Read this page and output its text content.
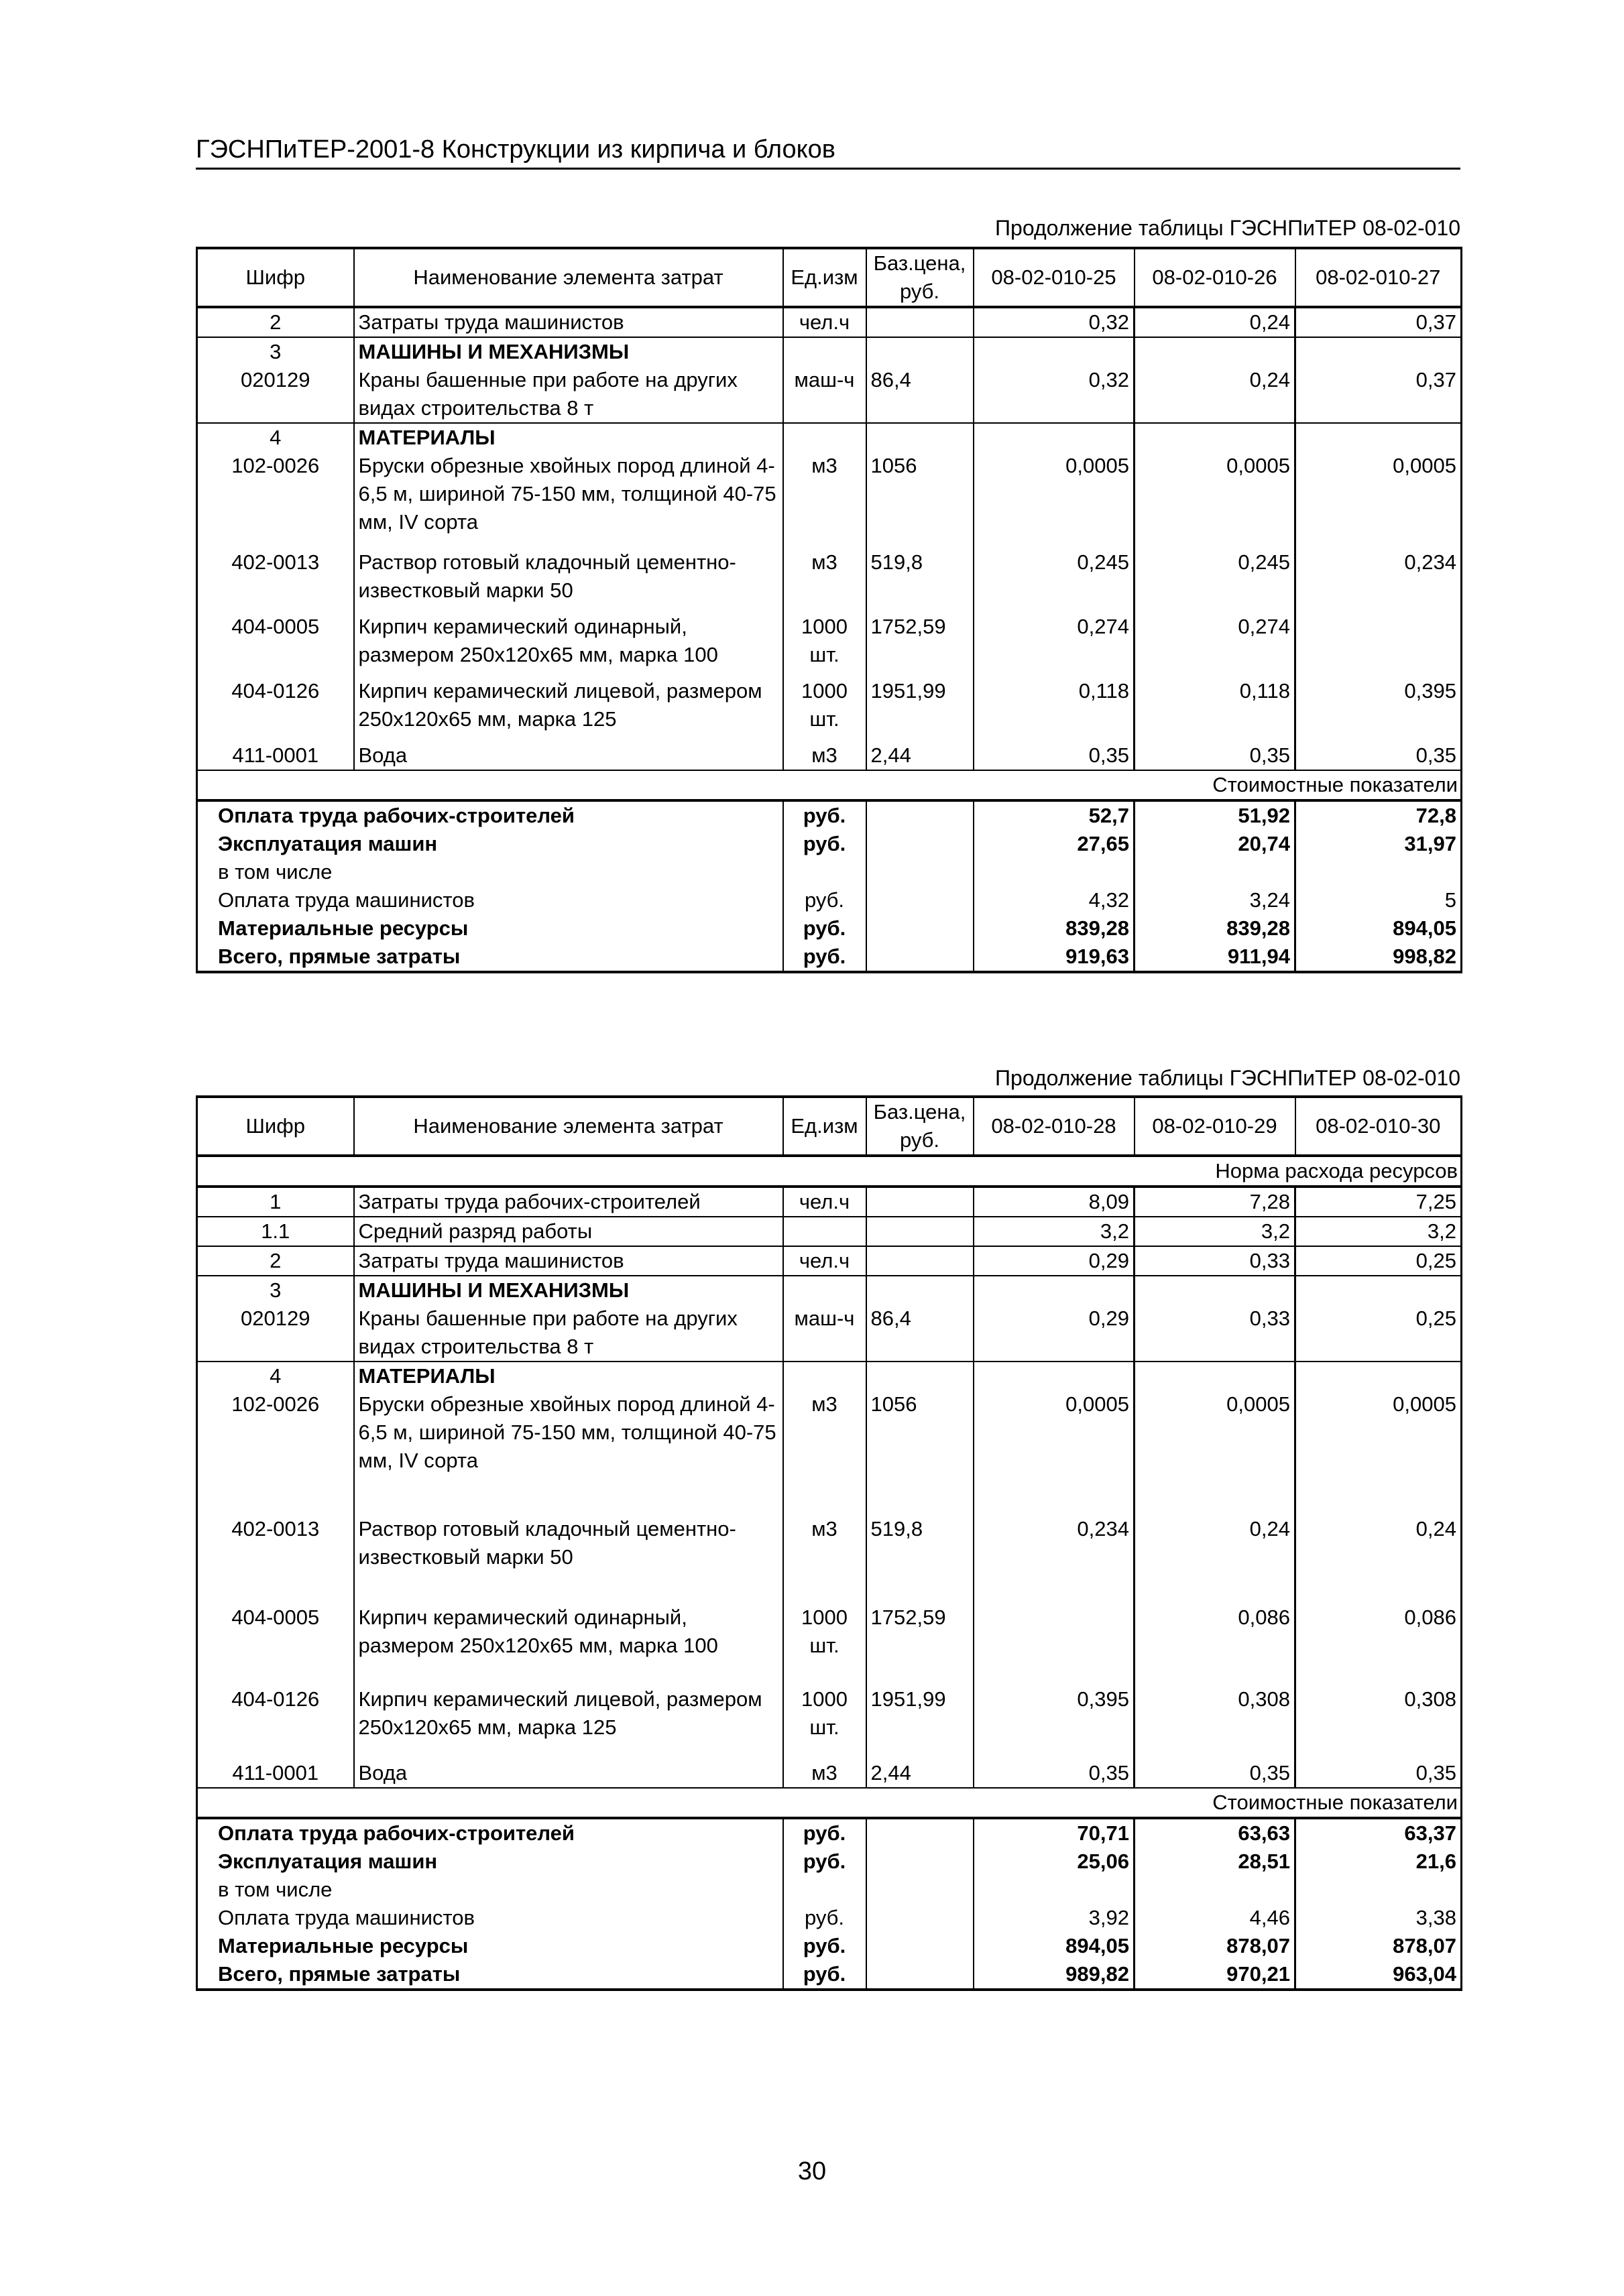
ГЭСНПиТЕР-2001-8 Конструкции из кирпича и блоков
Продолжение таблицы ГЭСНПиТЕР 08-02-010
Шифр	Наименование элемента затрат	Ед.изм	Баз.цена, руб.	08-02-010-25	08-02-010-26	08-02-010-27
2	Затраты труда машинистов	чел.ч		0,32	0,24	0,37
3	МАШИНЫ И МЕХАНИЗМЫ					
020129	Краны башенные при работе на других видах строительства 8 т	маш-ч	86,4	0,32	0,24	0,37
4	МАТЕРИАЛЫ					
102-0026	Бруски обрезные хвойных пород длиной 4-6,5 м, шириной 75-150 мм, толщиной 40-75 мм, IV сорта	м3	1056	0,0005	0,0005	0,0005
402-0013	Раствор готовый кладочный цементно-известковый марки 50	м3	519,8	0,245	0,245	0,234
404-0005	Кирпич керамический одинарный, размером 250х120х65 мм, марка 100	1000 шт.	1752,59	0,274	0,274	
404-0126	Кирпич керамический лицевой, размером 250х120х65 мм, марка 125	1000 шт.	1951,99	0,118	0,118	0,395
411-0001	Вода	м3	2,44	0,35	0,35	0,35
Стоимостные показатели						
Оплата труда рабочих-строителей		руб.		52,7	51,92	72,8
Эксплуатация машин		руб.		27,65	20,74	31,97
в том числе						
Оплата труда машинистов		руб.		4,32	3,24	5
Материальные ресурсы		руб.		839,28	839,28	894,05
Всего, прямые затраты		руб.		919,63	911,94	998,82
Продолжение таблицы ГЭСНПиТЕР 08-02-010
Шифр	Наименование элемента затрат	Ед.изм	Баз.цена, руб.	08-02-010-28	08-02-010-29	08-02-010-30
Норма расхода ресурсов						
1	Затраты труда рабочих-строителей	чел.ч		8,09	7,28	7,25
1.1	Средний разряд работы			3,2	3,2	3,2
2	Затраты труда машинистов	чел.ч		0,29	0,33	0,25
3	МАШИНЫ И МЕХАНИЗМЫ					
020129	Краны башенные при работе на других видах строительства 8 т	маш-ч	86,4	0,29	0,33	0,25
4	МАТЕРИАЛЫ					
102-0026	Бруски обрезные хвойных пород длиной 4-6,5 м, шириной 75-150 мм, толщиной 40-75 мм, IV сорта	м3	1056	0,0005	0,0005	0,0005
402-0013	Раствор готовый кладочный цементно-известковый марки 50	м3	519,8	0,234	0,24	0,24
404-0005	Кирпич керамический одинарный, размером 250х120х65 мм, марка 100	1000 шт.	1752,59		0,086	0,086
404-0126	Кирпич керамический лицевой, размером 250х120х65 мм, марка 125	1000 шт.	1951,99	0,395	0,308	0,308
411-0001	Вода	м3	2,44	0,35	0,35	0,35
Стоимостные показатели						
Оплата труда рабочих-строителей		руб.		70,71	63,63	63,37
Эксплуатация машин		руб.		25,06	28,51	21,6
в том числе						
Оплата труда машинистов		руб.		3,92	4,46	3,38
Материальные ресурсы		руб.		894,05	878,07	878,07
Всего, прямые затраты		руб.		989,82	970,21	963,04
30
